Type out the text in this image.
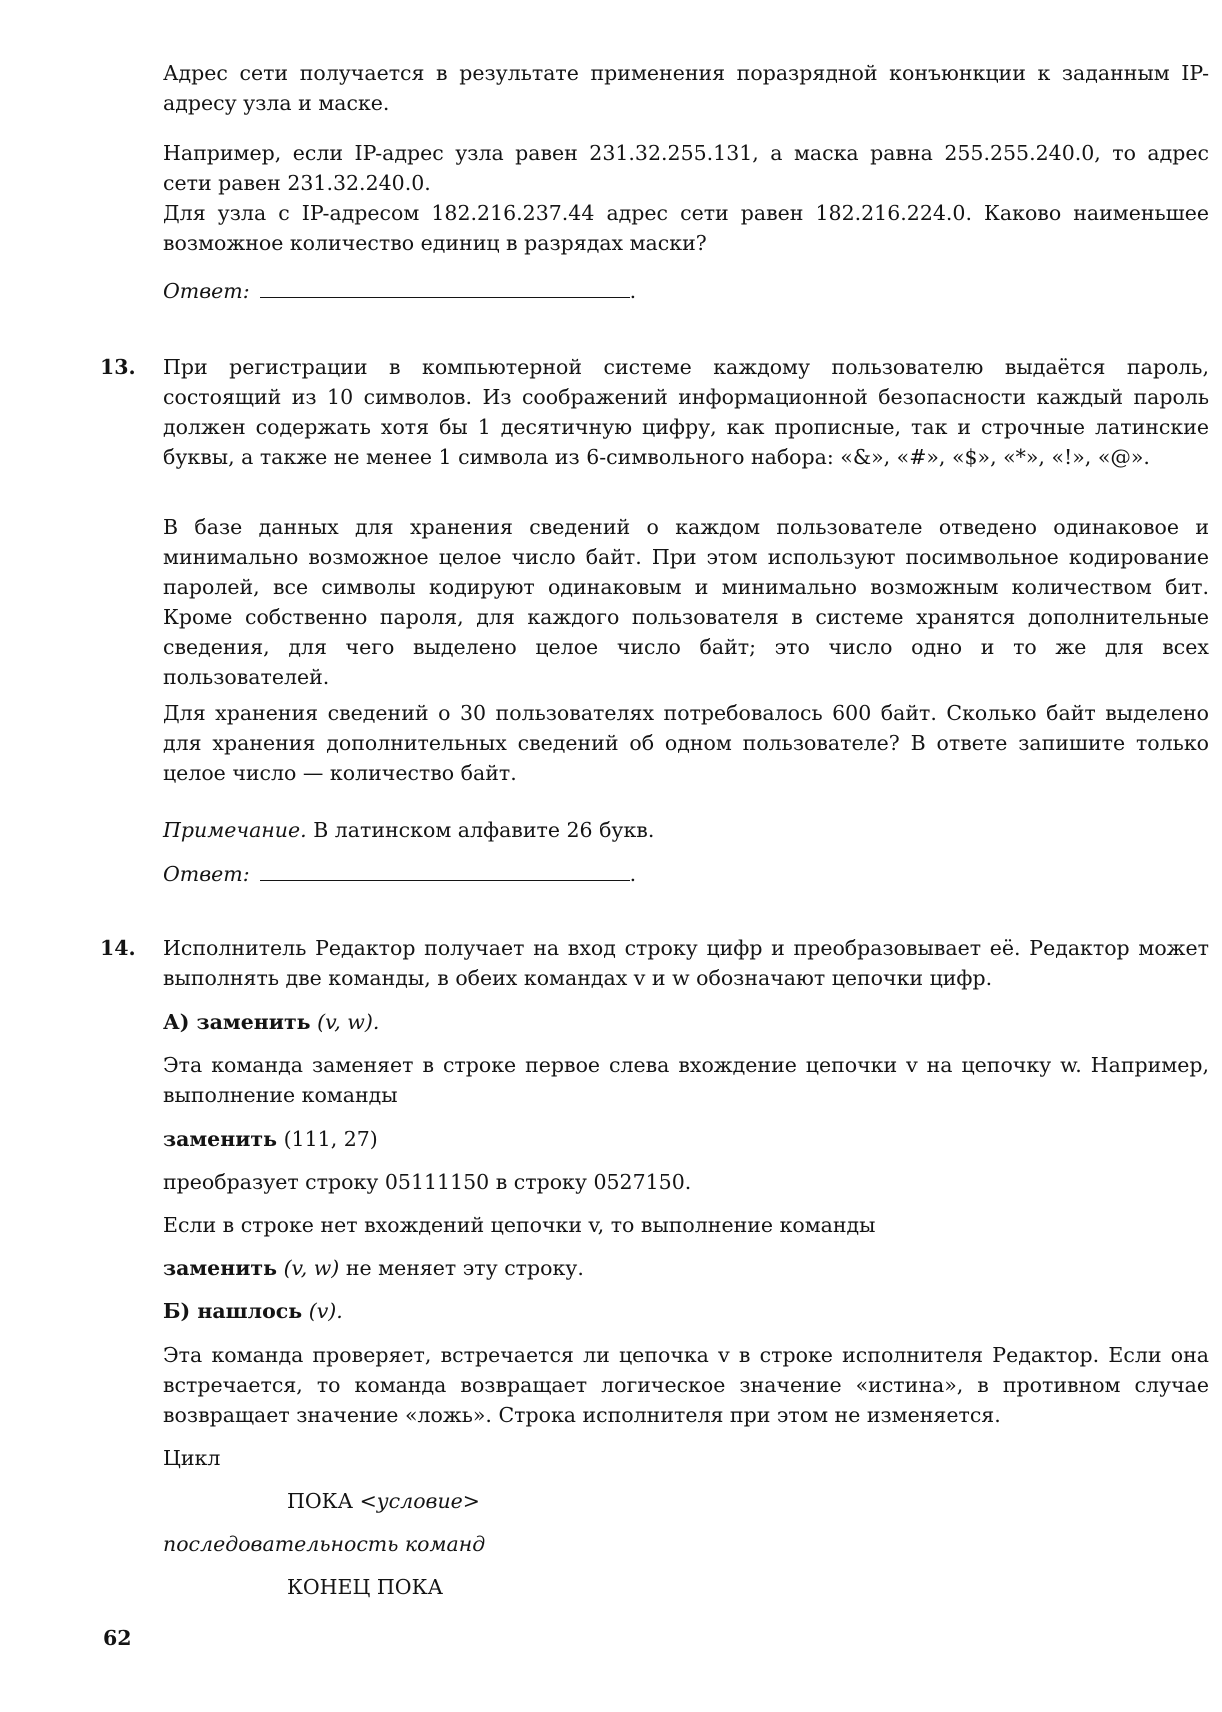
Адрес сети получается в результате применения поразрядной конъюнкции к заданным IP-адресу узла и маске.

Например, если IP-адрес узла равен 231.32.255.131, а маска равна 255.255.240.0, то адрес сети равен 231.32.240.0.

Для узла с IP-адресом 182.216.237.44 адрес сети равен 182.216.224.0. Каково наименьшее возможное количество единиц в разрядах маски?

Ответ:	.

13. При регистрации в компьютерной системе каждому пользователю выдаётся пароль, состоящий из 10 символов. Из соображений информационной безопасности каждый пароль должен содержать хотя бы 1 десятичную цифру, как прописные, так и строчные латинские буквы, а также не менее 1 символа из 6-символьного набора: «&», «#», «$», «*», «!», «@».

В базе данных для хранения сведений о каждом пользователе отведено одинаковое и минимально возможное целое число байт. При этом используют посимвольное кодирование паролей, все символы кодируют одинаковым и минимально возможным количеством бит. Кроме собственно пароля, для каждого пользователя в системе хранятся дополнительные сведения, для чего выделено целое число байт; это число одно и то же для всех пользователей.

Для хранения сведений о 30 пользователях потребовалось 600 байт. Сколько байт выделено для хранения дополнительных сведений об одном пользователе? В ответе запишите только целое число — количество байт.

Примечание. В латинском алфавите 26 букв.

Ответ:	.

14. Исполнитель Редактор получает на вход строку цифр и преобразовывает её. Редактор может выполнять две команды, в обеих командах v и w обозначают цепочки цифр.

А) заменить (v, w).

Эта команда заменяет в строке первое слева вхождение цепочки v на цепочку w. Например, выполнение команды

заменить (111, 27)

преобразует строку 05111150 в строку 0527150.

Если в строке нет вхождений цепочки v, то выполнение команды

заменить (v, w) не меняет эту строку.

Б) нашлось (v).

Эта команда проверяет, встречается ли цепочка v в строке исполнителя Редактор. Если она встречается, то команда возвращает логическое значение «истина», в противном случае возвращает значение «ложь». Строка исполнителя при этом не изменяется.

Цикл

ПОКА <условие>

последовательность команд

КОНЕЦ ПОКА

62
